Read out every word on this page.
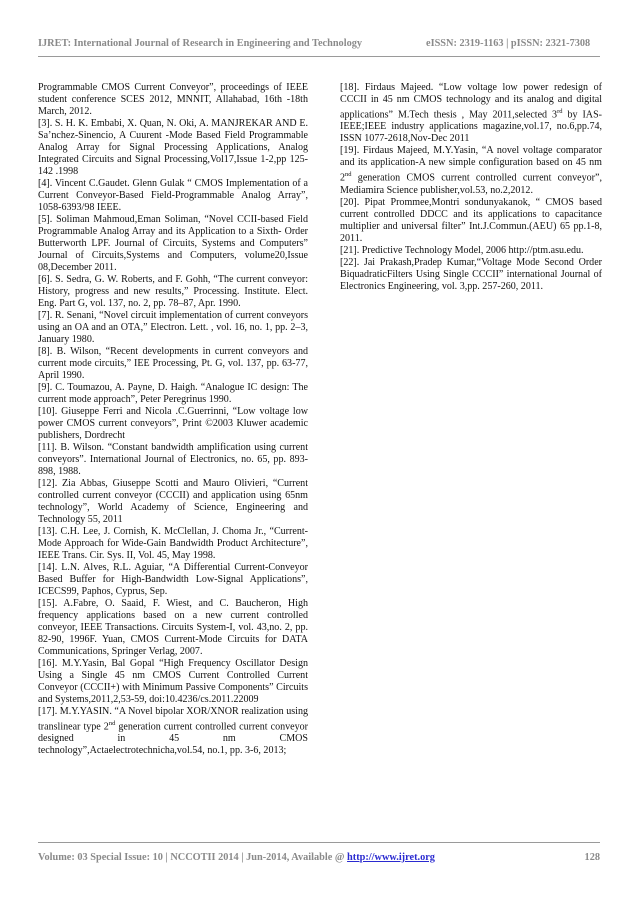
IJRET: International Journal of Research in Engineering and Technology	eISSN: 2319-1163 | pISSN: 2321-7308

Programmable CMOS Current Conveyor”, proceedings of IEEE student conference SCES 2012, MNNIT, Allahabad, 16th -18th March, 2012.

[3]. S. H. K. Embabi, X. Quan, N. Oki, A. MANJREKAR AND E. Sa’nchez-Sinencio, A Cuurent -Mode Based Field Programmable Analog Array for Signal Processing Applications, Analog Integrated Circuits and Signal Processing,Vol17,Issue 1-2,pp 125-142 .1998

[4]. Vincent C.Gaudet. Glenn Gulak “ CMOS Implementation of a Current Conveyor-Based Field-Programmable Analog Array”, 1058-6393/98 IEEE.

[5]. Soliman Mahmoud,Eman Soliman, “Novel CCII-based Field Programmable Analog Array and its Application to a Sixth- Order Butterworth LPF. Journal of Circuits, Systems and Computers” Journal of Circuits,Systems and Computers, volume20,Issue 08,December 2011.

[6]. S. Sedra, G. W. Roberts, and F. Gohh, “The current conveyor: History, progress and new results,” Processing. Institute. Elect. Eng. Part G, vol. 137, no. 2, pp. 78–87, Apr. 1990.

[7]. R. Senani, “Novel circuit implementation of current conveyors using an OA and an OTA,” Electron. Lett. , vol. 16, no. 1, pp. 2–3, January 1980.

[8]. B. Wilson, “Recent developments in current conveyors and current mode circuits,” IEE Processing, Pt. G, vol. 137, pp. 63-77, April 1990.

[9]. C. Toumazou, A. Payne, D. Haigh. “Analogue IC design: The current mode approach”, Peter Peregrinus 1990.

[10]. Giuseppe Ferri and Nicola .C.Guerrinni, “Low voltage low power CMOS current conveyors”, Print ©2003 Kluwer academic publishers, Dordrecht

[11]. B. Wilson. “Constant bandwidth amplification using current conveyors”. International Journal of Electronics, no. 65, pp. 893-898, 1988.

[12]. Zia Abbas, Giuseppe Scotti and Mauro Olivieri, “Current controlled current conveyor (CCCII) and application using 65nm technology”, World Academy of Science, Engineering and Technology 55, 2011

[13]. C.H. Lee, J. Cornish, K. McClellan, J. Choma Jr., “Current-Mode Approach for Wide-Gain Bandwidth Product Architecture”, IEEE Trans. Cir. Sys. II, Vol. 45, May 1998.

[14]. L.N. Alves, R.L. Aguiar, “A Differential Current-Conveyor Based Buffer for High-Bandwidth Low-Signal Applications”, ICECS99, Paphos, Cyprus, Sep.

[15]. A.Fabre, O. Saaid, F. Wiest, and C. Baucheron, High frequency applications based on a new current controlled conveyor, IEEE Transactions. Circuits System-I, vol. 43,no. 2, pp. 82-90, 1996F. Yuan, CMOS Current-Mode Circuits for DATA Communications, Springer Verlag, 2007.

[16]. M.Y.Yasin, Bal Gopal “High Frequency Oscillator Design Using a Single 45 nm CMOS Current Controlled Current Conveyor (CCCII+) with Minimum Passive Components” Circuits and Systems,2011,2,53-59, doi:10.4236/cs.2011.22009

[17]. M.Y.YASIN. “A Novel bipolar XOR/XNOR realization using translinear type 2nd generation current controlled current conveyor designed in 45 nm CMOS technology”,Actaelectrotechnicha,vol.54, no.1, pp. 3-6, 2013;

[18]. Firdaus Majeed. “Low voltage low power redesign of CCCII in 45 nm CMOS technology and its analog and digital applications” M.Tech thesis , May 2011,selected 3rd by IAS-IEEE;IEEE industry applications magazine,vol.17, no.6,pp.74, ISSN 1077-2618,Nov-Dec 2011

[19]. Firdaus Majeed, M.Y.Yasin, “A novel voltage comparator and its application-A new simple configuration based on 45 nm 2nd generation CMOS current controlled current conveyor”, Mediamira Science publisher,vol.53, no.2,2012.

[20]. Pipat Prommee,Montri sondunyakanok, “ CMOS based current controlled DDCC and its applications to capacitance multiplier and universal filter” Int.J.Commun.(AEU) 65 pp.1-8, 2011.

[21]. Predictive Technology Model, 2006 http://ptm.asu.edu.

[22]. Jai Prakash,Pradep Kumar,“Voltage Mode Second Order BiquadraticFilters Using Single CCCII” international Journal of Electronics Engineering, vol. 3,pp. 257-260, 2011.

Volume: 03 Special Issue: 10 | NCCOTII 2014 | Jun-2014, Available @ http://www.ijret.org	128
